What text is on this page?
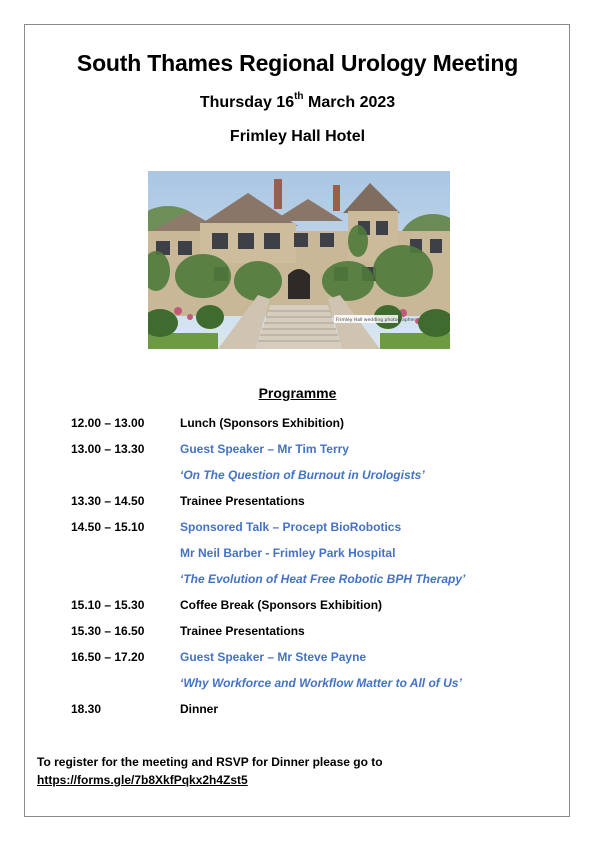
South Thames Regional Urology Meeting
Thursday 16th March 2023
Frimley Hall Hotel
Frimley Hall wedding photographer
Programme
12.00 – 13.00	Lunch (Sponsors Exhibition)
13.00 – 13.30	Guest Speaker – Mr Tim Terry
‘On The Question of Burnout in Urologists’
13.30 – 14.50	Trainee Presentations
14.50 – 15.10	Sponsored Talk – Procept BioRobotics
Mr Neil Barber - Frimley Park Hospital
‘The Evolution of Heat Free Robotic BPH Therapy’
15.10 – 15.30	Coffee Break (Sponsors Exhibition)
15.30 – 16.50	Trainee Presentations
16.50 – 17.20	Guest Speaker – Mr Steve Payne
‘Why Workforce and Workflow Matter to All of Us’
18.30	Dinner
To register for the meeting and RSVP for Dinner please go to
https://forms.gle/7b8XkfPqkx2h4Zst5
